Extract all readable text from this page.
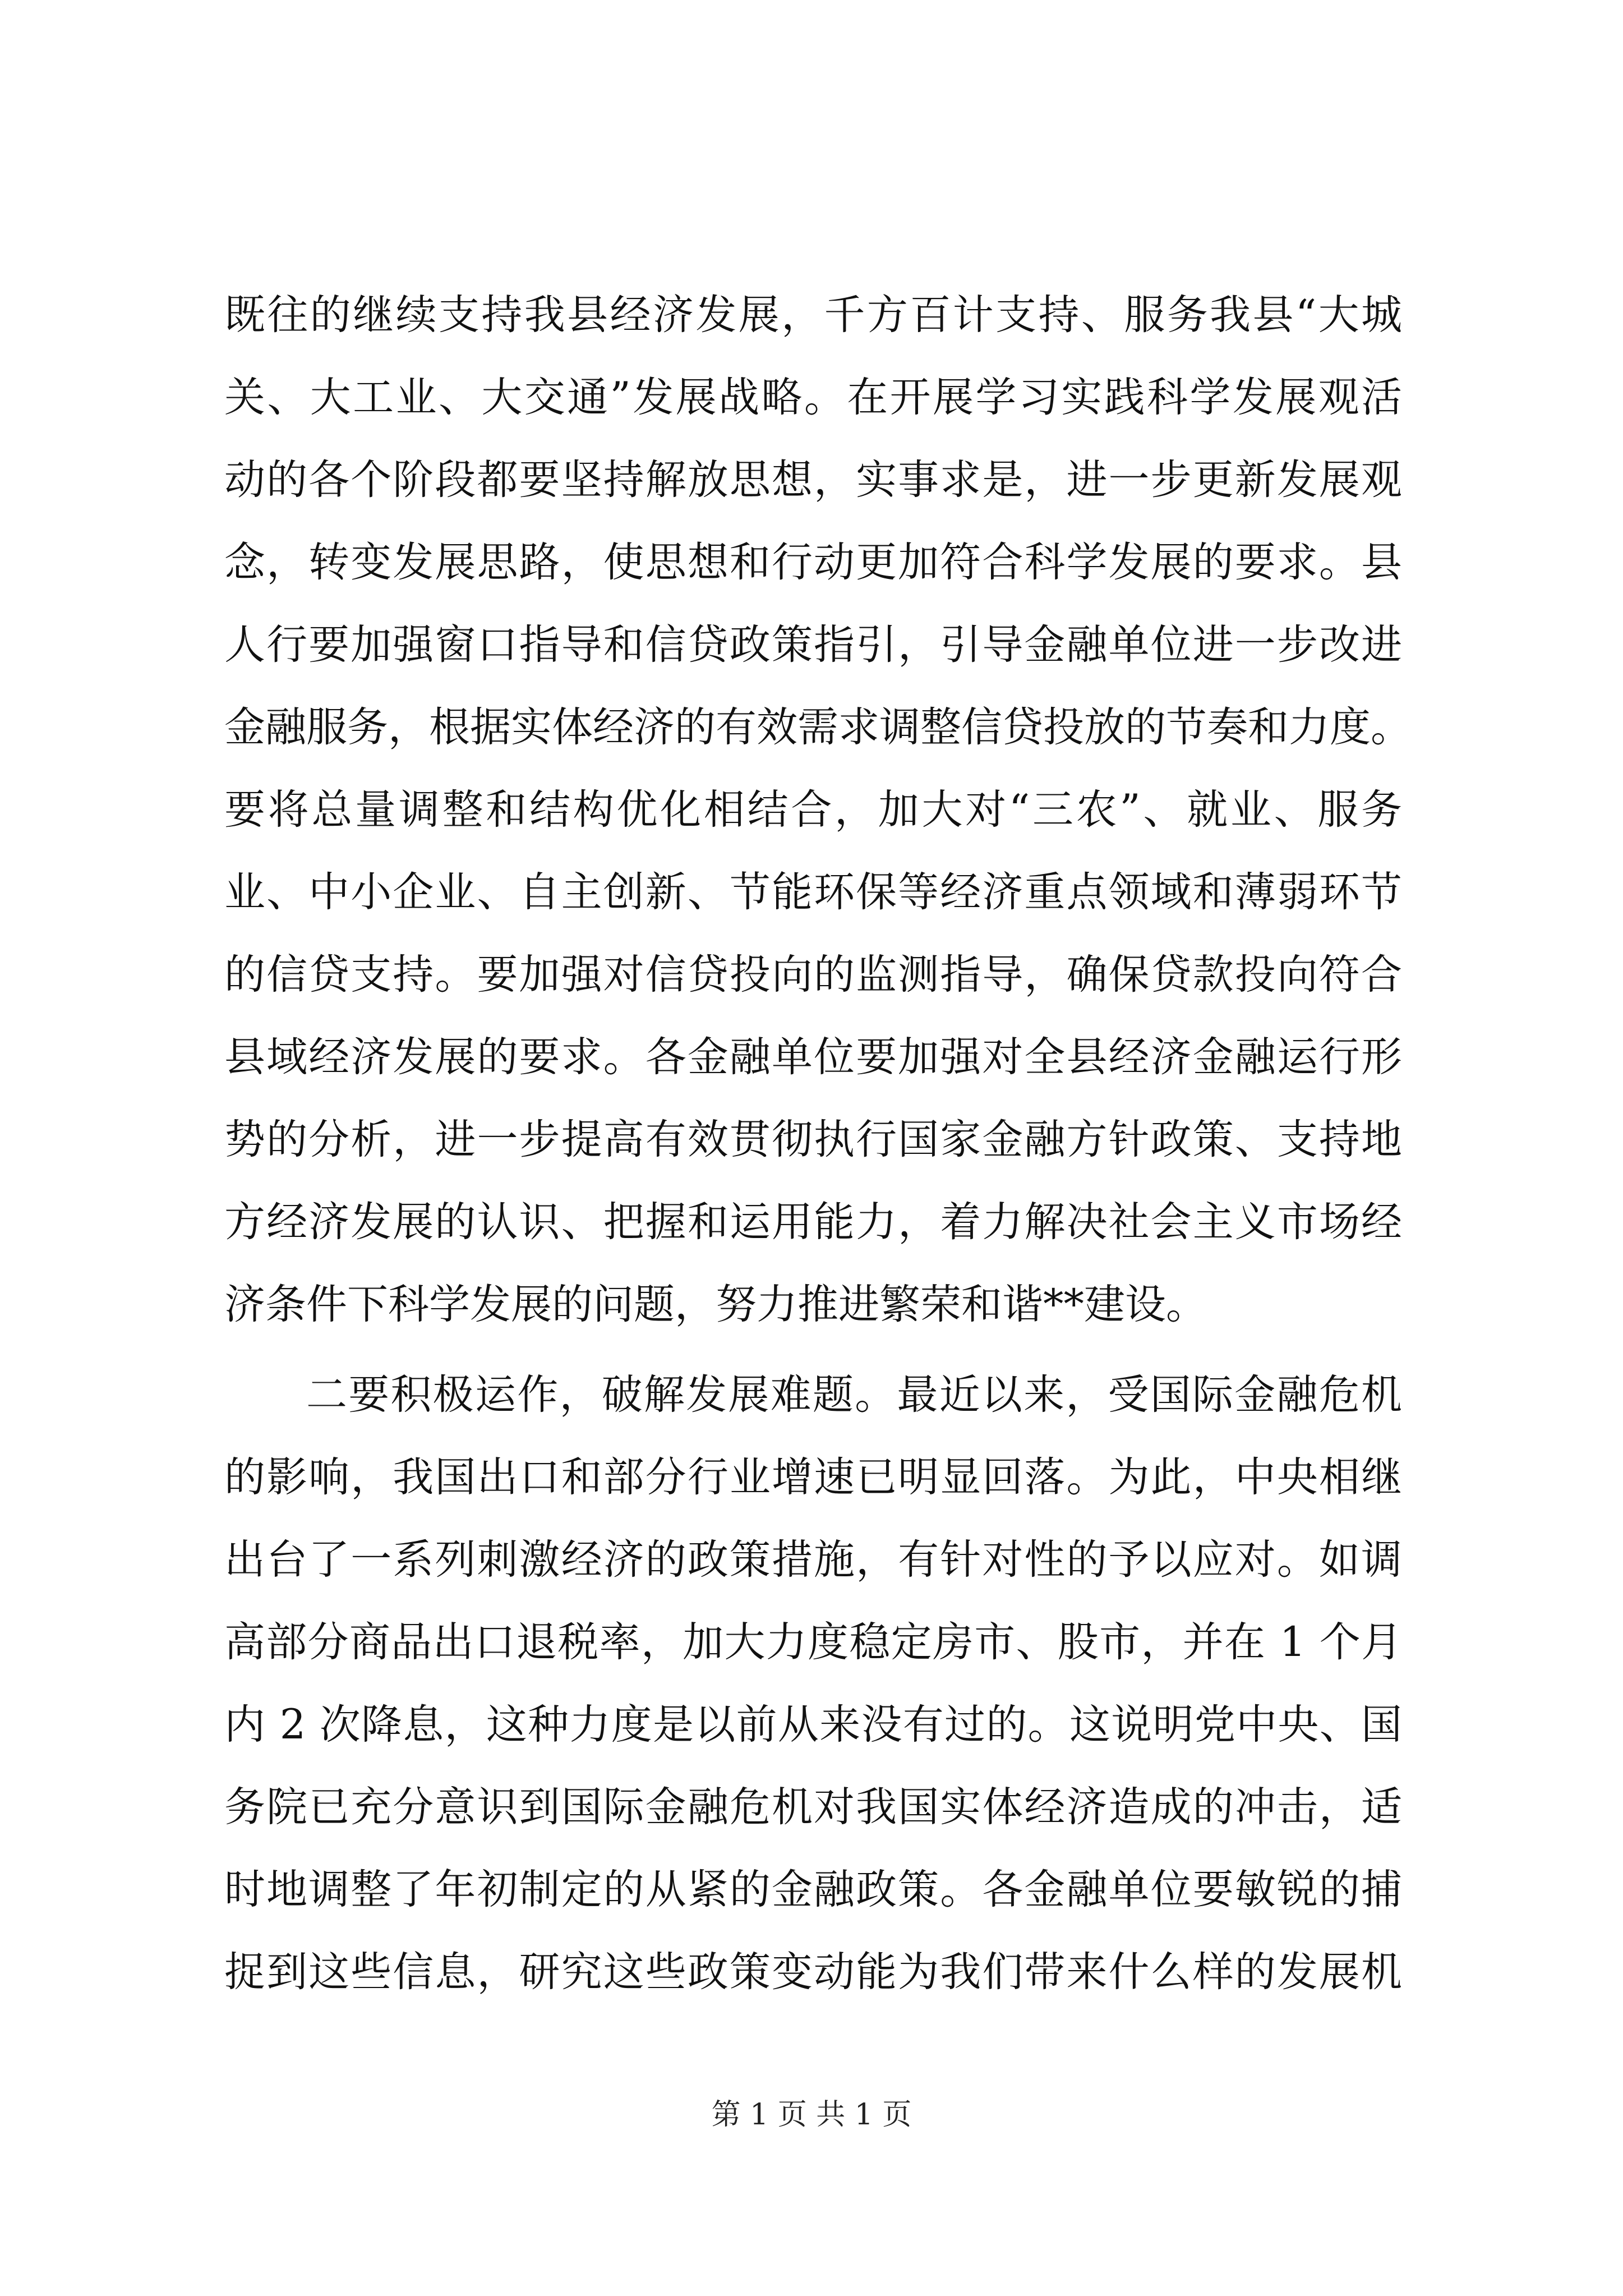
既往的继续支持我县经济发展，千方百计支持、服务我县“大城
关、大工业、大交通”发展战略。在开展学习实践科学发展观活
动的各个阶段都要坚持解放思想，实事求是，进一步更新发展观
念，转变发展思路，使思想和行动更加符合科学发展的要求。县
人行要加强窗口指导和信贷政策指引，引导金融单位进一步改进
金融服务，根据实体经济的有效需求调整信贷投放的节奏和力度。
要将总量调整和结构优化相结合，加大对“三农”、就业、服务
业、中小企业、自主创新、节能环保等经济重点领域和薄弱环节
的信贷支持。要加强对信贷投向的监测指导，确保贷款投向符合
县域经济发展的要求。各金融单位要加强对全县经济金融运行形
势的分析，进一步提高有效贯彻执行国家金融方针政策、支持地
方经济发展的认识、把握和运用能力，着力解决社会主义市场经
济条件下科学发展的问题，努力推进繁荣和谐**建设。
二要积极运作，破解发展难题。最近以来，受国际金融危机
的影响，我国出口和部分行业增速已明显回落。为此，中央相继
出台了一系列刺激经济的政策措施，有针对性的予以应对。如调
高部分商品出口退税率，加大力度稳定房市、股市，并在 1 个月
内 2 次降息，这种力度是以前从来没有过的。这说明党中央、国
务院已充分意识到国际金融危机对我国实体经济造成的冲击，适
时地调整了年初制定的从紧的金融政策。各金融单位要敏锐的捕
捉到这些信息，研究这些政策变动能为我们带来什么样的发展机
第 1 页 共 1 页
